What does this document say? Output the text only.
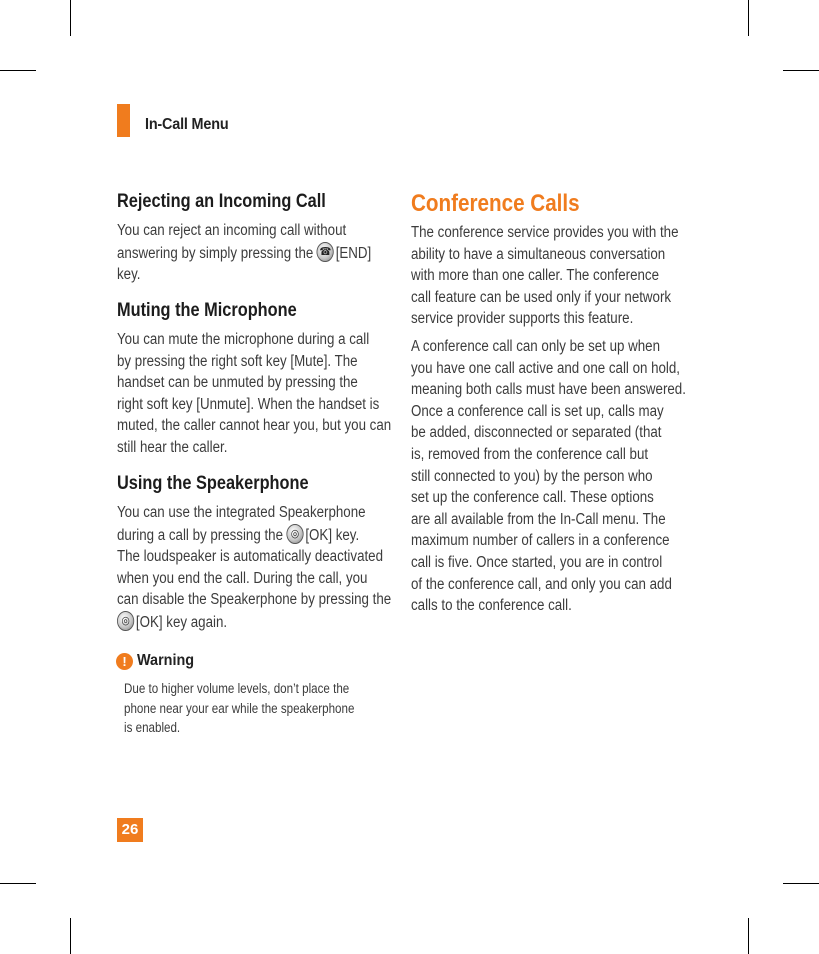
In-Call Menu
Rejecting an Incoming Call

You can reject an incoming call without
answering by simply pressing the ☎ [END]
key.

Muting the Microphone

You can mute the microphone during a call
by pressing the right soft key [Mute]. The
handset can be unmuted by pressing the
right soft key [Unmute]. When the handset is
muted, the caller cannot hear you, but you can
still hear the caller.

Using the Speakerphone

You can use the integrated Speakerphone
during a call by pressing the ◎ [OK] key.
The loudspeaker is automatically deactivated
when you end the call. During the call, you
can disable the Speakerphone by pressing the
◎ [OK] key again.

! Warning
Due to higher volume levels, don’t place the
phone near your ear while the speakerphone
is enabled.
Conference Calls

The conference service provides you with the
ability to have a simultaneous conversation
with more than one caller. The conference
call feature can be used only if your network
service provider supports this feature.

A conference call can only be set up when
you have one call active and one call on hold,
meaning both calls must have been answered.
Once a conference call is set up, calls may
be added, disconnected or separated (that
is, removed from the conference call but
still connected to you) by the person who
set up the conference call. These options
are all available from the In-Call menu. The
maximum number of callers in a conference
call is five. Once started, you are in control
of the conference call, and only you can add
calls to the conference call.

26
